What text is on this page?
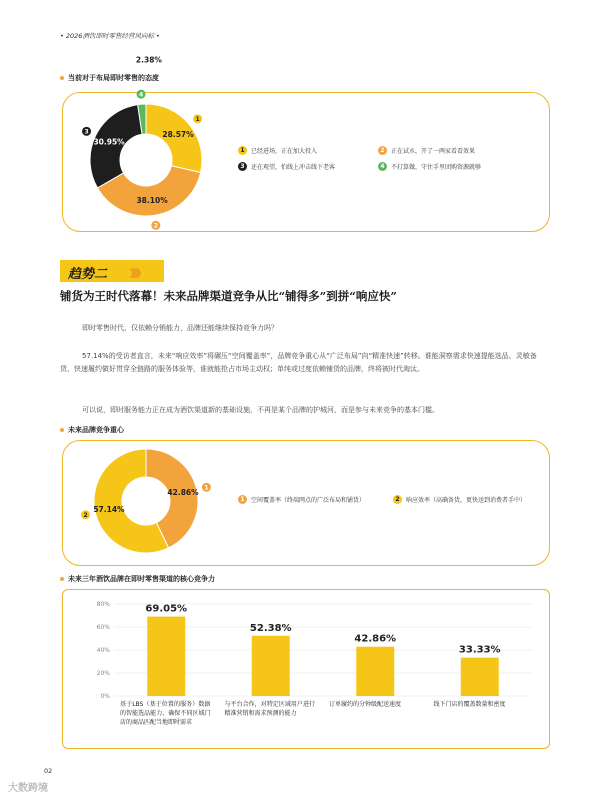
• 2026酒饮即时零售经营风向标 •
当前对于布局即时零售的态度
28.57%
1
38.10%
2
30.95%
3
2.38%
4
1	已经进场，正在加大投入	2	正在试水，开了一两家看看效果
3	还在观望，怕线上冲击线下老客	4	不打算做，守住手里团购资源就够
趋势二 》》》
铺货为王时代落幕！未来品牌渠道竞争从比“铺得多”到拼“响应快”
即时零售时代，仅依赖分销能力，品牌还能继续保持竞争力吗？
57.14%的受访者直言，未来“响应效率”将碾压“空间覆盖率”，品牌竞争重心从“广泛布局”向“精准快速”转移。谁能洞察需求快速提能选品、灵敏备货、快速履约做好贯穿全链路的服务体验等，谁就能抢占市场主动权；单纯或过度依赖铺货的品牌，终将被时代淘汰。
可以说，即时服务能力正在成为酒饮渠道新的基础设施，不再是某个品牌的护城河，而是参与未来竞争的基本门槛。
未来品牌竞争重心
42.86%
1
57.14%
2
1	空间覆盖率（终端网点的广泛布局和铺货）	2	响应效率（高确备货，更快送到消费者手中）
未来三年酒饮品牌在即时零售渠道的核心竞争力
80%
60%
40%
20%
0%
69.05%
基于LBS（基于位置的服务）数据的智能选品能力，确保不同区域门店的商品匹配当地即时需求
52.38%
与平台合作，对特定区域用户进行精准营销和需求预测的能力
42.86%
订单履约的分钟级配送速度
33.33%
线下门店的覆盖数量和密度
02
大数跨境
